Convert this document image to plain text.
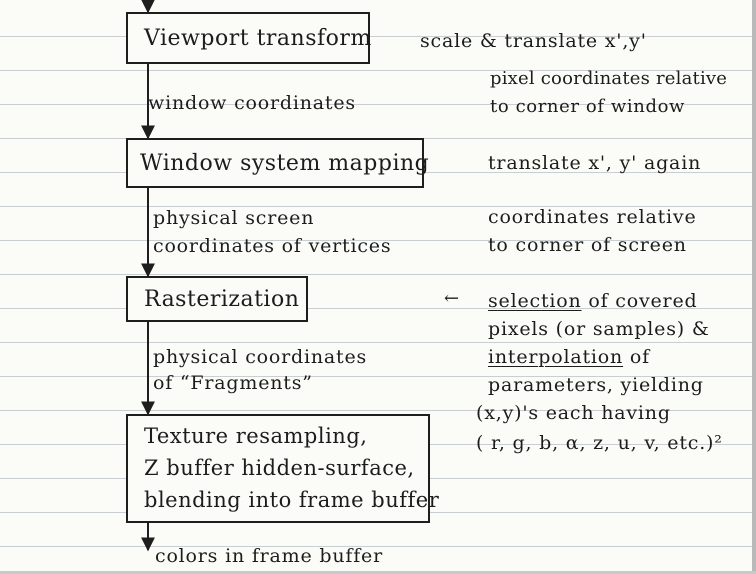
Viewport transform
Window system mapping
Rasterization
Texture resampling,
Z buffer hidden-surface,
blending into frame buffer
window coordinates
physical screen
coordinates of vertices
physical coordinates
of “Fragments”
colors in frame buffer
scale & translate x',y'
pixel coordinates relative
to corner of window
translate x', y' again
coordinates relative
to corner of screen
← selection of covered
pixels (or samples) &
interpolation of
parameters, yielding
(x,y)'s each having
( r, g, b, α, z, u, v, etc.)²
